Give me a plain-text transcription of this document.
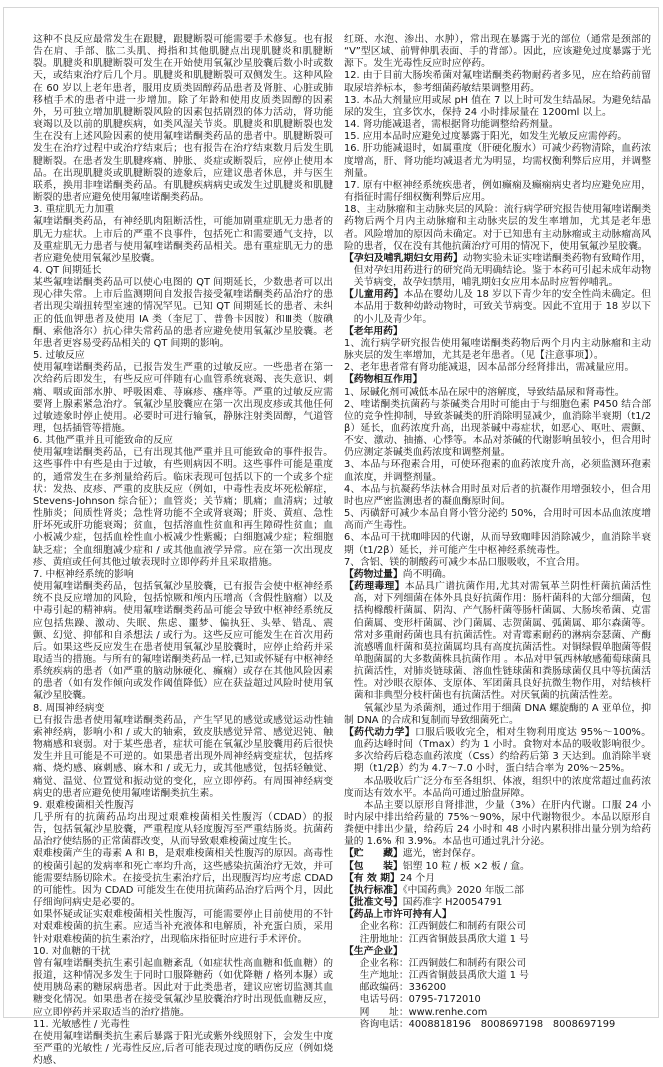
这种不良反应最常发生在跟腱，跟腱断裂可能需要手术修复。也有报告在肩、手部、肱二头肌、拇指和其他肌腱点出现肌腱炎和肌腱断裂。肌腱炎和肌腱断裂可发生在开始使用氧氟沙星胶囊后数小时或数天，或结束治疗后几个月。肌腱炎和肌腱断裂可双侧发生。这种风险在 60 岁以上老年患者，服用皮质类固醇药品患者及肾脏、心脏或肺移植手术的患者中进一步增加。除了年龄和使用皮质类固醇的因素外，另可独立增加肌腱断裂风险的因素包括剧烈的体力活动，肾功能衰竭以及以前的肌腱疾病，如类风湿关节炎。肌腱炎和肌腱断裂也发生在没有上述风险因素的使用氟喹诺酮类药品的患者中。肌腱断裂可发生在治疗过程中或治疗结束后；也有报告在治疗结束数月后发生肌腱断裂。在患者发生肌腱疼痛、肿胀、炎症或断裂后，应停止使用本品。在出现肌腱炎或肌腱断裂的迹象后，应建议患者休息，并与医生联系，换用非喹诺酮类药品。有肌腱疾病病史或发生过肌腱炎和肌腱断裂的患者应避免使用氟喹诺酮类药品。

3. 重症肌无力加重

氟喹诺酮类药品，有神经肌肉阻断活性，可能加剧重症肌无力患者的肌无力症状。上市后的严重不良事件，包括死亡和需要通气支持，以及重症肌无力患者与使用氟喹诺酮类药品相关。患有重症肌无力的患者应避免使用氧氟沙星胶囊。

4. QT 间期延长

某些氟喹诺酮类药品可以使心电图的 QT 间期延长，少数患者可以出现心律失常。上市后监测期间自发报告接受氟喹诺酮类药品治疗的患者出现尖端扭转型室速的情况罕见。已知 QT 间期延长的患者、未纠正的低血钾患者及使用 IA 类（奎尼丁、普鲁卡因胺）和Ⅲ类（胺碘酮、索他洛尔）抗心律失常药品的患者应避免使用氧氟沙星胶囊。老年患者更容易受药品相关的 QT 间期的影响。

5. 过敏反应

使用氟喹诺酮类药品，已报告发生严重的过敏反应。一些患者在第一次给药后即发生，有些反应可伴随有心血管系统衰竭、丧失意识、刺痛、咽或面部水肿、呼吸困难、荨麻疹、瘙痒等。严重的过敏反应需要肾上腺素紧急治疗。氧氟沙星胶囊应在第一次出现皮疹或其他任何过敏迹象时停止使用。必要时可进行输氧，静脉注射类固醇，气道管理，包括插管等措施。

6. 其他严重并且可能致命的反应

使用氟喹诺酮类药品，已有出现其他严重并且可能致命的事件报告。这些事件中有些是由于过敏，有些则病因不明。这些事件可能是重度的，通常发生在多剂量给药后。临床表现可包括以下的一个或多个症状：发热、皮疹、严重的皮肤反应（例如，中毒性表皮坏死松解症，Stevens-Johnson 综合征）；血管炎；关节痛；肌痛；血清病；过敏性肺炎；间质性肾炎；急性肾功能不全或肾衰竭；肝炎、黄疸、急性肝坏死或肝功能衰竭；贫血，包括溶血性贫血和再生障碍性贫血；血小板减少症，包括血栓性血小板减少性紫癜；白细胞减少症；粒细胞缺乏症；全血细胞减少症和 / 或其他血液学异常。应在第一次出现皮疹、黄疸或任何其他过敏表现时立即停药并且采取措施。

7. 中枢神经系统的影响

使用氟喹诺酮类药品，包括氧氟沙星胶囊，已有报告会使中枢神经系统不良反应增加的风险，包括惊厥和颅内压增高（含假性脑瘤）以及中毒引起的精神病。使用氟喹诺酮类药品可能会导致中枢神经系统反应包括焦躁、激动、失眠、焦虑、噩梦、偏执狂、头晕、错乱、震颤、幻觉、抑郁和自杀想法 / 或行为。这些反应可能发生在首次用药后。如果这些反应发生在患者使用氧氟沙星胶囊时，应停止给药并采取适当的措施。与所有的氟喹诺酮类药品一样,已知或怀疑有中枢神经系统疾病的患者（如严重的脑动脉硬化、癫痫）或存在其他风险因素的患者（如有发作倾向或发作阈值降低）应在获益超过风险时使用氧氟沙星胶囊。

8. 周围神经病变

已有报告患者使用氟喹诺酮类药品，产生罕见的感觉或感觉运动性轴索神经病，影响小和 / 或大的轴索，致皮肤感觉异常、感觉迟钝、触物痛感和衰弱。对于某些患者，症状可能在氧氟沙星胶囊用药后很快发生并且可能是不可逆的。如果患者出现外周神经病变症状，包括疼痛、烧灼感、麻刺感、麻木和 / 或无力，或其他感觉，包括轻触觉、痛觉、温觉、位置觉和振动觉的变化，应立即停药。有周围神经病变病史的患者应避免使用氟喹诺酮类抗生素。

9. 艰难梭菌相关性腹泻

几乎所有的抗菌药品均出现过艰难梭菌相关性腹泻（CDAD）的报告，包括氧氟沙星胶囊，严重程度从轻度腹泻至严重结肠炎。抗菌药品治疗使结肠的正常菌群改变，从而导致艰难梭菌过度生长。

艰难梭菌产生的毒素 A 和 B，是艰难梭菌相关性腹泻的原因。高毒性的梭菌引起的发病率和死亡率均升高，这些感染抗菌治疗无效，并可能需要结肠切除术。在接受抗生素治疗后，出现腹泻均应考虑 CDAD 的可能性。因为 CDAD 可能发生在使用抗菌药品治疗后两个月，因此仔细询问病史是必要的。

如果怀疑或证实艰难梭菌相关性腹泻，可能需要停止目前使用的不针对艰难梭菌的抗生素。应适当补充液体和电解质，补充蛋白质，采用针对艰难梭菌的抗生素治疗，出现临床指征时应进行手术评价。

10. 对血糖的干扰

曾有氟喹诺酮类抗生素引起血糖紊乱（如症状性高血糖和低血糖）的报道，这种情况多发生于同时口服降糖药（如优降糖 / 格列本脲）或使用胰岛素的糖尿病患者。因此对于此类患者，建议应密切监测其血糖变化情况。如果患者在接受氧氟沙星胶囊治疗时出现低血糖反应，应立即停药并采取适当的治疗措施。

11. 光敏感性 / 光毒性

在使用氟喹诺酮类抗生素后暴露于阳光或紫外线照射下，会发生中度至严重的光敏性 / 光毒性反应,后者可能表现过度的晒伤反应（例如烧灼感、

红斑、水泡、渗出、水肿），常出现在暴露于光的部位（通常是颈部的“V”型区域、前臂伸肌表面、手的背部）。因此，应该避免过度暴露于光源下。发生光毒性反应时应停药。

12. 由于目前大肠埃希菌对氟喹诺酮类药物耐药者多见，应在给药前留取尿培养标本，参考细菌药敏结果调整用药。

13. 本品大剂量应用或尿 pH 值在 7 以上时可发生结晶尿。为避免结晶尿的发生，宜多饮水，保持 24 小时排尿量在 1200ml 以上。

14. 肾功能减退者，需根据肾功能调整给药剂量。

15. 应用本品时应避免过度暴露于阳光，如发生光敏反应需停药。

16. 肝功能减退时，如属重度（肝硬化腹水）可减少药物清除，血药浓度增高，肝、肾功能均减退者尤为明显，均需权衡利弊后应用，并调整剂量。

17. 原有中枢神经系统疾患者，例如癫痫及癫痫病史者均应避免应用，有指征时需仔细权衡利弊后应用。

18、主动脉瘤和主动脉夹层的风险：流行病学研究报告使用氟喹诺酮类药物后两个月内主动脉瘤和主动脉夹层的发生率增加，尤其是老年患者。风险增加的原因尚未确定。对于已知患有主动脉瘤或主动脉瘤高风险的患者，仅在没有其他抗菌治疗可用的情况下，使用氧氟沙星胶囊。

【孕妇及哺乳期妇女用药】动物实验未证实喹诺酮类药物有致畸作用，但对孕妇用药进行的研究尚无明确结论。鉴于本药可引起未成年动物关节病变，故孕妇禁用，哺乳期妇女应用本品时应暂停哺乳。

【儿童用药】本品在婴幼儿及 18 岁以下青少年的安全性尚未确定。但本品用于数种幼龄动物时，可致关节病变。因此不宜用于 18 岁以下的小儿及青少年。

【老年用药】

1、流行病学研究报告使用氟喹诺酮类药物后两个月内主动脉瘤和主动脉夹层的发生率增加，尤其是老年患者。（见【注意事项】）。

2、老年患者常有肾功能减退，因本品部分经肾排出，需减量应用。

【药物相互作用】

1、尿碱化剂可减低本品在尿中的溶解度，导致结晶尿和肾毒性。

2、喹诺酮类抗菌药与茶碱类合用时可能由于与细胞色素 P450 结合部位的竞争性抑制，导致茶碱类的肝消除明显减少，血消除半衰期（t1/2β）延长，血药浓度升高，出现茶碱中毒症状，如恶心、呕吐、震颤、不安、激动、抽搐、心悸等。本品对茶碱的代谢影响虽较小，但合用时仍应测定茶碱类血药浓度和调整剂量。

3、本品与环孢素合用，可使环孢素的血药浓度升高，必须监测环孢素血浓度，并调整剂量。

4、本品与抗凝药华法林合用时虽对后者的抗凝作用增强较小，但合用时也应严密监测患者的凝血酶原时间。

5、丙磺舒可减少本品自肾小管分泌约 50%，合用时可因本品血浓度增高而产生毒性。

6、本品可干扰咖啡因的代谢，从而导致咖啡因消除减少，血消除半衰期（t1/2β）延长，并可能产生中枢神经系统毒性。

7、含铝、镁的制酸药可减少本品口服吸收，不宜合用。

【药物过量】尚不明确。

【药理毒理】本品具广谱抗菌作用,尤其对需氧革兰阴性杆菌抗菌活性高，对下列细菌在体外具良好抗菌作用：肠杆菌科的大部分细菌，包括枸橼酸杆菌属、阴沟、产气肠杆菌等肠杆菌属、大肠埃希菌、克雷伯菌属、变形杆菌属、沙门菌属、志贺菌属、弧菌属、耶尔森菌等。常对多重耐药菌也具有抗菌活性。对青霉素耐药的淋病奈瑟菌、产酶流感嗜血杆菌和莫拉菌属均具有高度抗菌活性。对铜绿假单胞菌等假单胞菌属的大多数菌株具抗菌作用 。本品对甲氧西林敏感葡萄球菌具抗菌活性，对肺炎链球菌、溶血性链球菌和粪肠球菌仅具中等抗菌活性。对沙眼衣原体、支原体、军团菌具良好抗微生物作用，对结核杆菌和非典型分枝杆菌也有抗菌活性。对厌氧菌的抗菌活性差。

氧氟沙星为杀菌剂，通过作用于细菌 DNA 螺旋酶的 A 亚单位，抑制 DNA 的合成和复制而导致细菌死亡。

【药代动力学】口服后吸收完全，相对生物利用度达 95%～100%。血药达峰时间（Tmax）约为 1 小时。食物对本品的吸收影响很少。多次给药后稳态血药浓度（Css）约给药后第 3 天达到。血消除半衰期（t1/2β）约为 4.7～7.0 小时，蛋白结合率为 20%～25%。

本品吸收后广泛分布至各组织、体液，组织中的浓度常超过血药浓度而达有效水平。本品尚可通过胎盘屏障。

本品主要以原形自肾排泄，少量（3%）在肝内代谢。口服 24 小时内尿中排出给药量的 75%～90%，尿中代谢物很少。本品以原形自粪便中排出少量，给药后 24 小时和 48 小时内累积排出量分别为给药量的 1.6% 和 3.9%。本品也可通过乳汁分泌。

【贮　　藏】遮光，密封保存。

【包　　装】铝塑 10 粒 / 板 ×2 板 / 盒。

【有 效 期】24 个月

【执行标准】《中国药典》2020 年版二部

【批准文号】国药准字 H20054791

【药品上市许可持有人】

企业名称：江西铜鼓仁和制药有限公司

注册地址：江西省铜鼓县禹欣大道 1 号

【生产企业】

企业名称：江西铜鼓仁和制药有限公司

生产地址：江西省铜鼓县禹欣大道 1 号

邮政编码：336200

电话号码：0795-7172010

网　　址：www.renhe.com

咨询电话：4008818196　8008697198　8008697199
